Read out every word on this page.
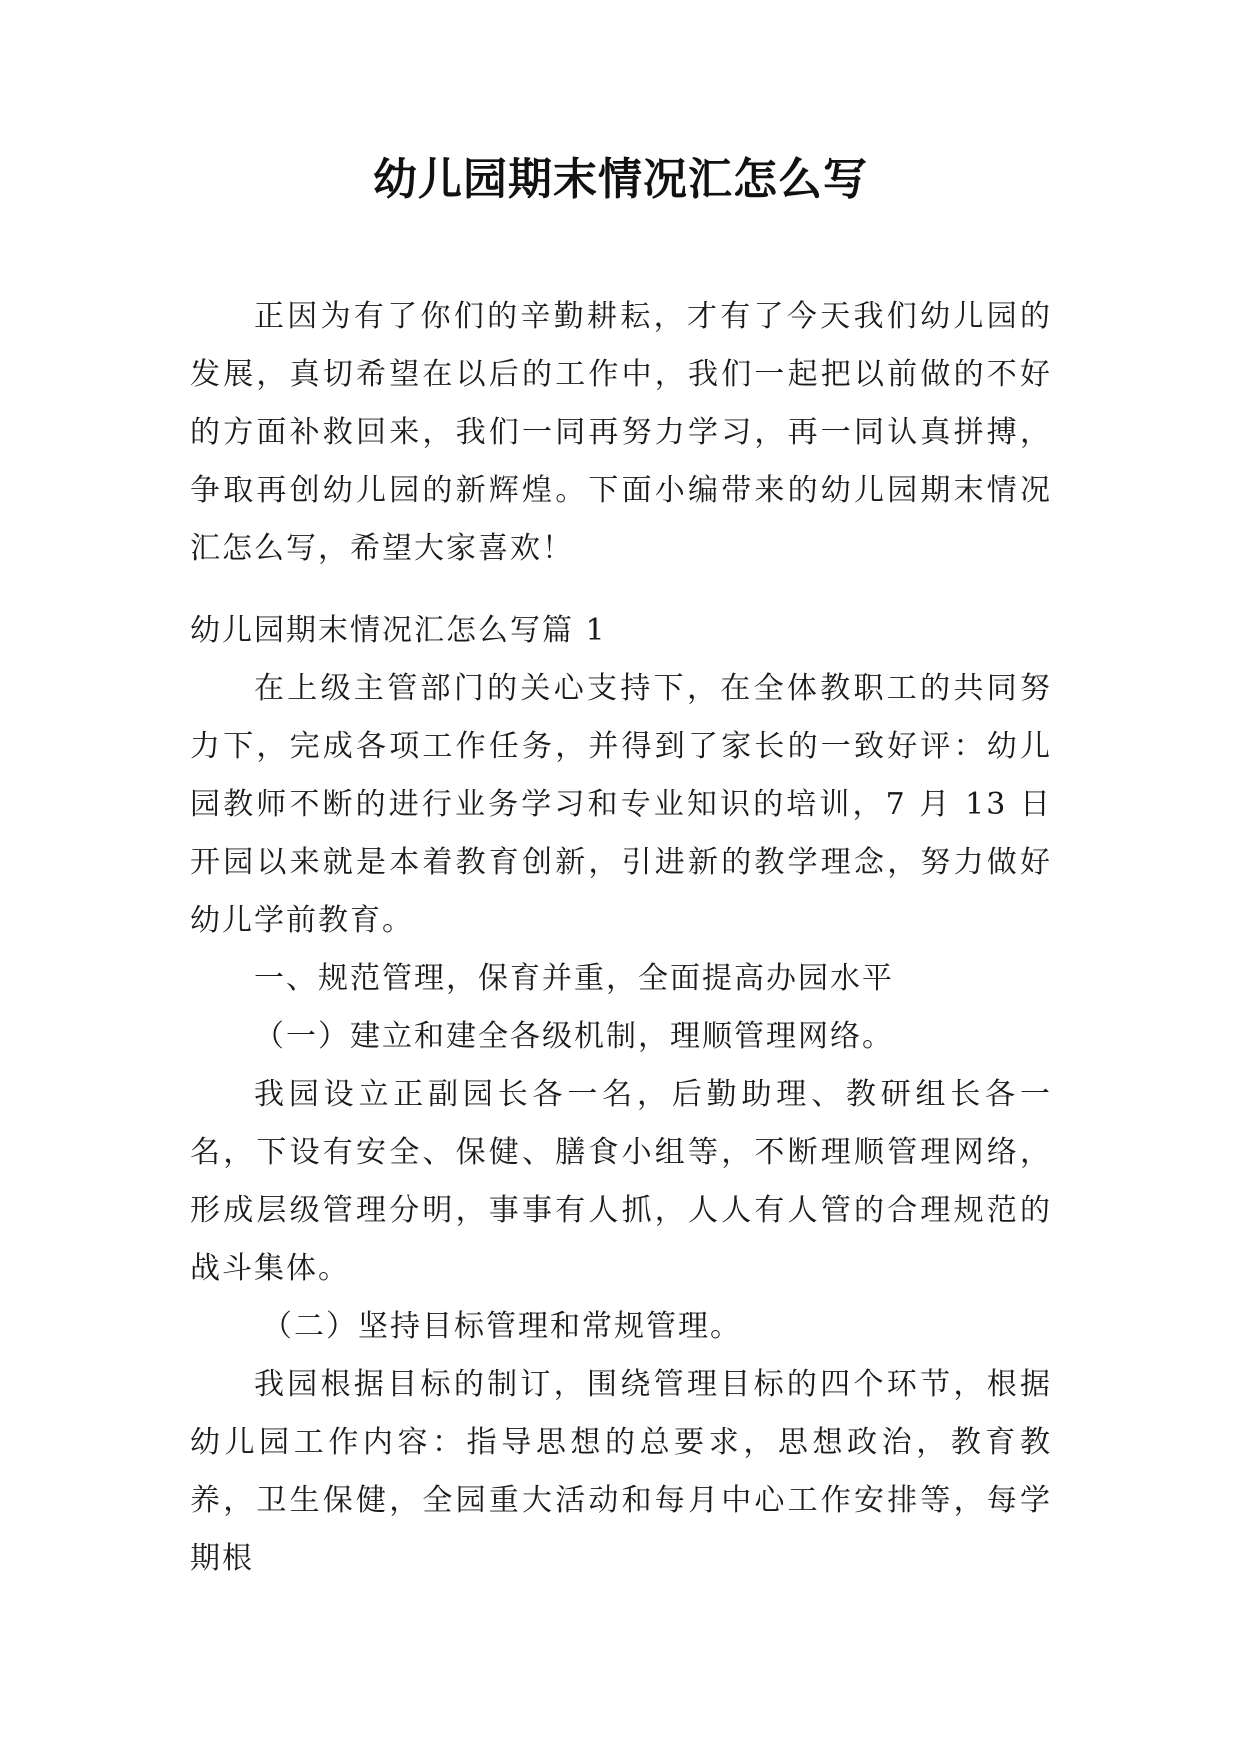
幼儿园期末情况汇怎么写

正因为有了你们的辛勤耕耘，才有了今天我们幼儿园的发展，真切希望在以后的工作中，我们一起把以前做的不好的方面补救回来，我们一同再努力学习，再一同认真拼搏，争取再创幼儿园的新辉煌。下面小编带来的幼儿园期末情况汇怎么写，希望大家喜欢！

幼儿园期末情况汇怎么写篇 1

在上级主管部门的关心支持下，在全体教职工的共同努力下，完成各项工作任务，并得到了家长的一致好评：幼儿园教师不断的进行业务学习和专业知识的培训，7 月 13 日开园以来就是本着教育创新，引进新的教学理念，努力做好幼儿学前教育。

一、规范管理，保育并重，全面提高办园水平

（一）建立和建全各级机制，理顺管理网络。

我园设立正副园长各一名，后勤助理、教研组长各一名，下设有安全、保健、膳食小组等，不断理顺管理网络，形成层级管理分明，事事有人抓，人人有人管的合理规范的战斗集体。

（二）坚持目标管理和常规管理。

我园根据目标的制订，围绕管理目标的四个环节，根据幼儿园工作内容：指导思想的总要求，思想政治，教育教养，卫生保健，全园重大活动和每月中心工作安排等，每学期根
